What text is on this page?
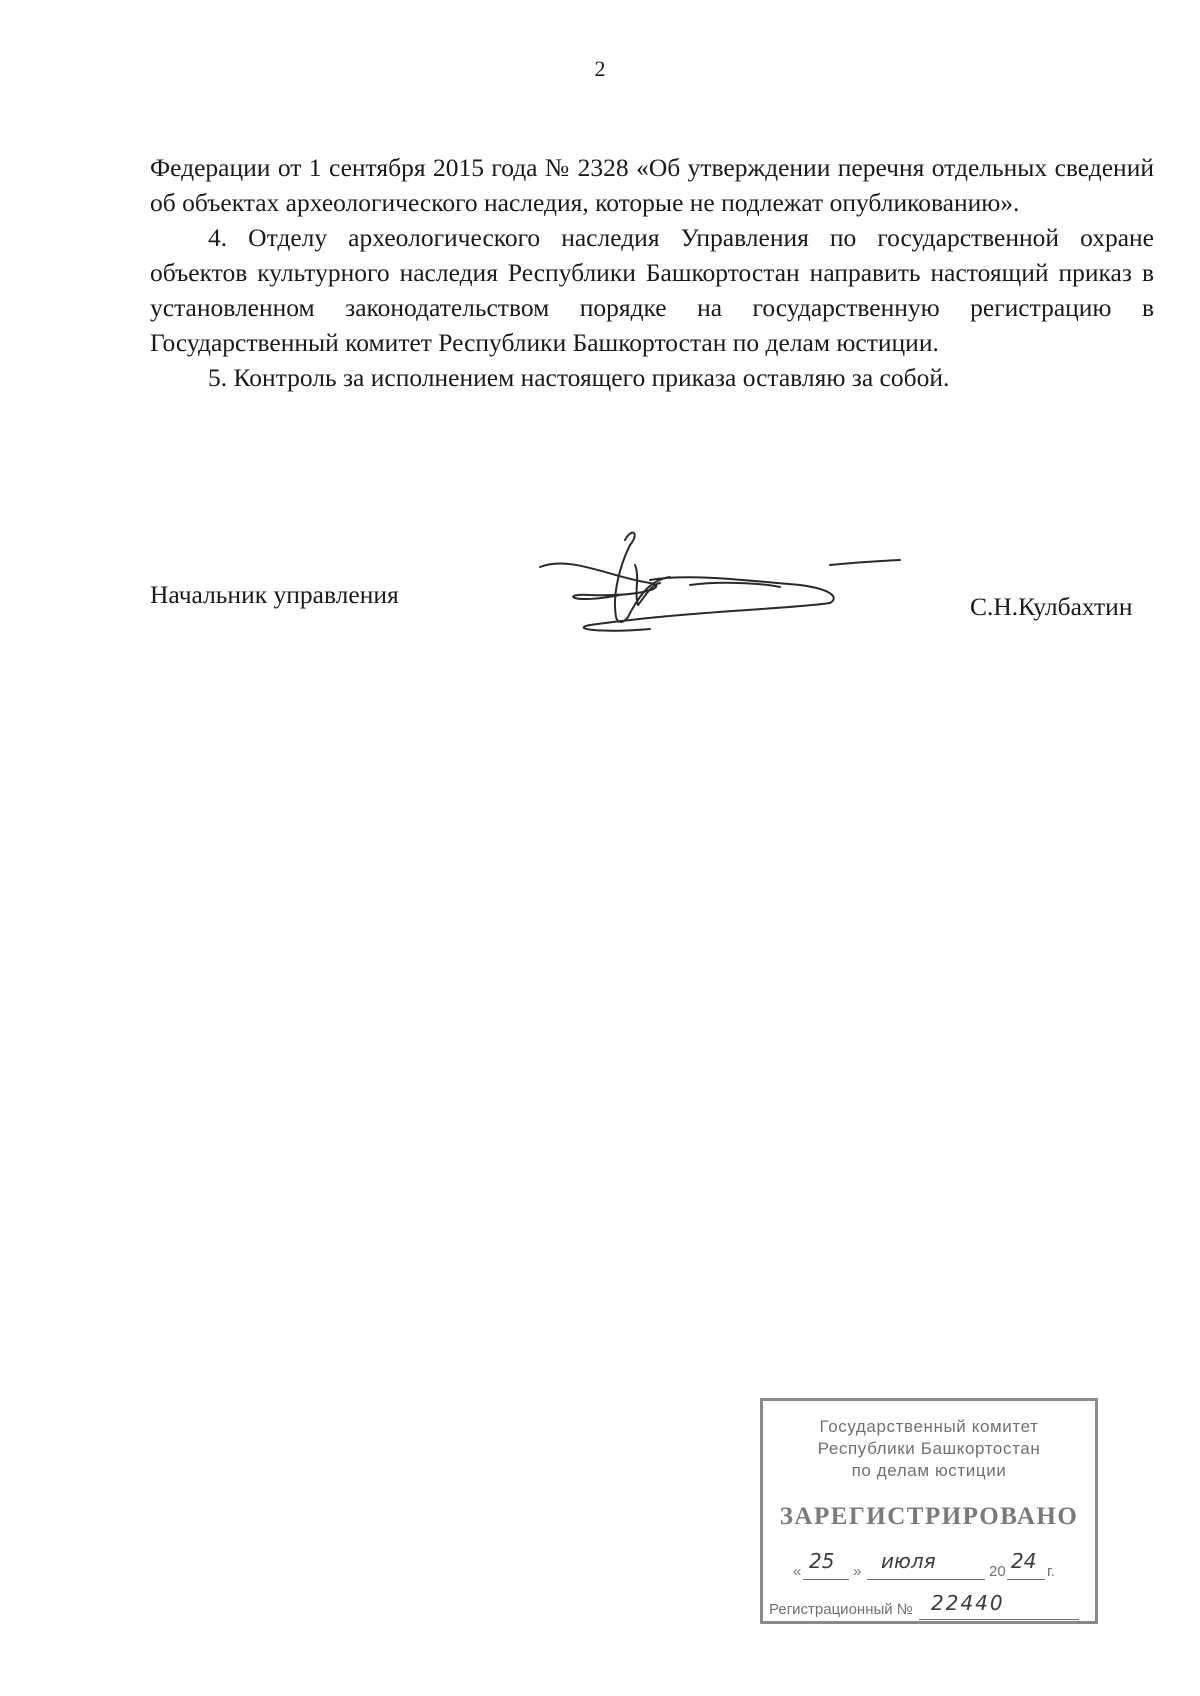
2

Федерации от 1 сентября 2015 года № 2328 «Об утверждении перечня отдельных сведений об объектах археологического наследия, которые не подлежат опубликованию».

4. Отделу археологического наследия Управления по государственной охране объектов культурного наследия Республики Башкортостан направить настоящий приказ в установленном законодательством порядке на государственную регистрацию в Государственный комитет Республики Башкортостан по делам юстиции.

5. Контроль за исполнением настоящего приказа оставляю за собой.

Начальник управления	С.Н.Кулбахтин
Государственный комитет
Республики Башкортостан
по делам юстиции
ЗАРЕГИСТРИРОВАНО
« 25 » июля	20 24 г.
Регистрационный № 22440
